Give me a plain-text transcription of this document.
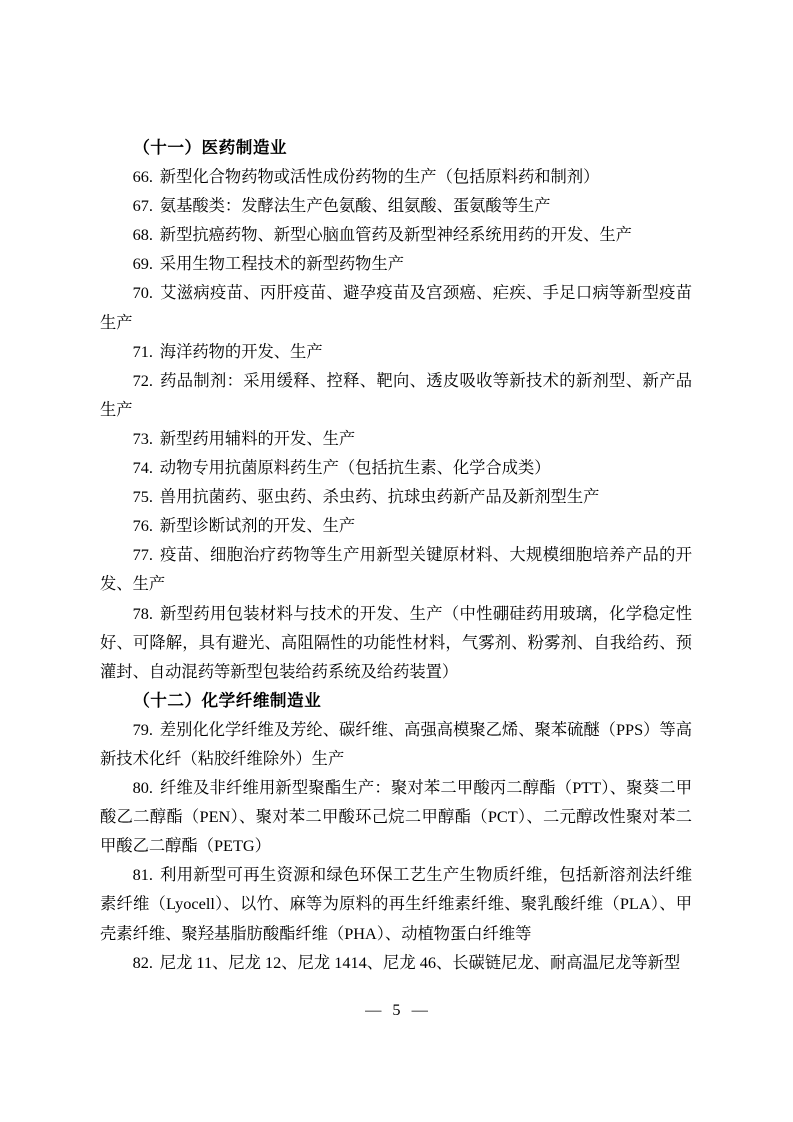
（十一）医药制造业

66. 新型化合物药物或活性成份药物的生产（包括原料药和制剂）

67. 氨基酸类：发酵法生产色氨酸、组氨酸、蛋氨酸等生产

68. 新型抗癌药物、新型心脑血管药及新型神经系统用药的开发、生产

69. 采用生物工程技术的新型药物生产

70. 艾滋病疫苗、丙肝疫苗、避孕疫苗及宫颈癌、疟疾、手足口病等新型疫苗生产

71. 海洋药物的开发、生产

72. 药品制剂：采用缓释、控释、靶向、透皮吸收等新技术的新剂型、新产品生产

73. 新型药用辅料的开发、生产

74. 动物专用抗菌原料药生产（包括抗生素、化学合成类）

75. 兽用抗菌药、驱虫药、杀虫药、抗球虫药新产品及新剂型生产

76. 新型诊断试剂的开发、生产

77. 疫苗、细胞治疗药物等生产用新型关键原材料、大规模细胞培养产品的开发、生产

78. 新型药用包装材料与技术的开发、生产（中性硼硅药用玻璃，化学稳定性好、可降解，具有避光、高阻隔性的功能性材料，气雾剂、粉雾剂、自我给药、预灌封、自动混药等新型包装给药系统及给药装置）

（十二）化学纤维制造业

79. 差别化化学纤维及芳纶、碳纤维、高强高模聚乙烯、聚苯硫醚（PPS）等高新技术化纤（粘胶纤维除外）生产

80. 纤维及非纤维用新型聚酯生产：聚对苯二甲酸丙二醇酯（PTT）、聚葵二甲酸乙二醇酯（PEN）、聚对苯二甲酸环己烷二甲醇酯（PCT）、二元醇改性聚对苯二甲酸乙二醇酯（PETG）

81. 利用新型可再生资源和绿色环保工艺生产生物质纤维，包括新溶剂法纤维素纤维（Lyocell）、以竹、麻等为原料的再生纤维素纤维、聚乳酸纤维（PLA）、甲壳素纤维、聚羟基脂肪酸酯纤维（PHA）、动植物蛋白纤维等

82. 尼龙 11、尼龙 12、尼龙 1414、尼龙 46、长碳链尼龙、耐高温尼龙等新型

— 5 —
